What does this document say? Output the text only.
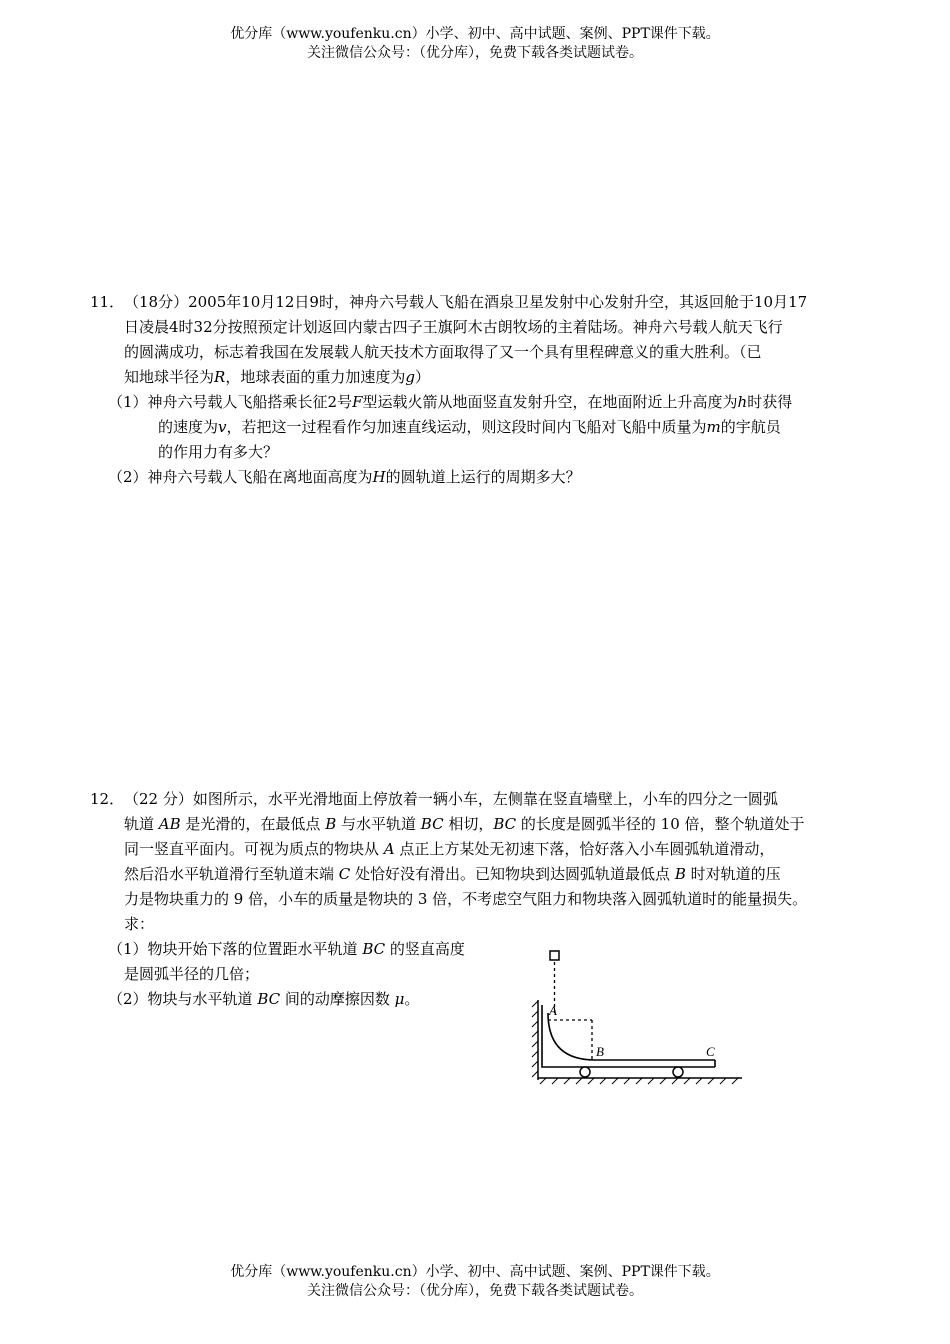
优分库（www.youfenku.cn）小学、初中、高中试题、案例、PPT课件下载。
关注微信公众号：（优分库），免费下载各类试题试卷。
11． （18分）2005年10月12日9时，神舟六号载人飞船在酒泉卫星发射中心发射升空，其返回舱于10月17
日凌晨4时32分按照预定计划返回内蒙古四子王旗阿木古朗牧场的主着陆场。神舟六号载人航天飞行
的圆满成功，标志着我国在发展载人航天技术方面取得了又一个具有里程碑意义的重大胜利。（已
知地球半径为R，地球表面的重力加速度为g）
（1）神舟六号载人飞船搭乘长征2号F型运载火箭从地面竖直发射升空，在地面附近上升高度为h时获得
的速度为v，若把这一过程看作匀加速直线运动，则这段时间内飞船对飞船中质量为m的宇航员
的作用力有多大？
（2）神舟六号载人飞船在离地面高度为H的圆轨道上运行的周期多大？
12． （22 分）如图所示，水平光滑地面上停放着一辆小车，左侧靠在竖直墙壁上，小车的四分之一圆弧
轨道 AB 是光滑的，在最低点 B 与水平轨道 BC 相切，BC 的长度是圆弧半径的 10 倍，整个轨道处于
同一竖直平面内。可视为质点的物块从 A 点正上方某处无初速下落，恰好落入小车圆弧轨道滑动，
然后沿水平轨道滑行至轨道末端 C 处恰好没有滑出。已知物块到达圆弧轨道最低点 B 时对轨道的压
力是物块重力的 9 倍，小车的质量是物块的 3 倍，不考虑空气阻力和物块落入圆弧轨道时的能量损失。
求：
（1）物块开始下落的位置距水平轨道 BC 的竖直高度
是圆弧半径的几倍；
（2）物块与水平轨道 BC 间的动摩擦因数 μ。
A
B	C
优分库（www.youfenku.cn）小学、初中、高中试题、案例、PPT课件下载。
关注微信公众号：（优分库），免费下载各类试题试卷。
